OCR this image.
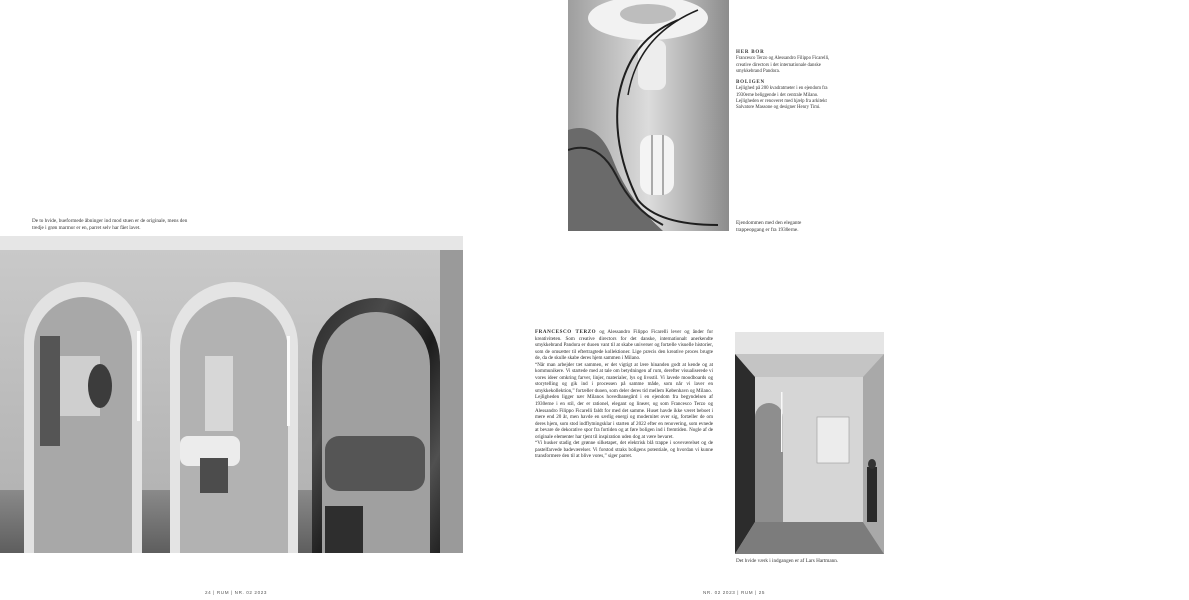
De to hvide, bueformede åbninger ind mod stuen er de originale, mens den tredje i grøn marmor er en, parret selv har fået lavet.
24 | RUM | NR. 02 2023

HER BOR
Francesco Terzo og Alessandro Filippo Ficarelli, creative directors i det internationale danske smykkebrand Pandora.

BOLIGEN
Lejlighed på 200 kvadratmeter i en ejendom fra 1930erne beliggende i det centrale Milano. Lejligheden er renoveret med hjælp fra arkitekt Salvatore Massone og designer Henry Timi.

Ejendommen med den elegante trappeopgang er fra 1930erne.

FRANCESCO TERZO og Alessandro Filippo Ficarelli lever og ånder for kreativiteten. Som creative directors for det danske, internationalt anerkendte smykkebrand Pandora er duoen vant til at skabe universer og fortælle visuelle historier, som de omsætter til eftertragtede kollektioner. Lige præcis den kreative proces brugte de, da de skulle skabe deres hjem sammen i Milano.

“Når man arbejder tæt sammen, er det vigtigt at lære hinanden godt at kende og at kommunikere. Vi startede med at tale om betydningen af rum, derefter visualiserede vi vores ideer omkring farver, linjer, materialer, lys og livsstil. Vi lavede moodboards og storytelling og gik ind i processen på samme måde, som når vi laver en smykkekollektion,” fortæller duoen, som deler deres tid mellem København og Milano.

Lejligheden ligger nær Milanos hovedbanegård i en ejendom fra begyndelsen af 1930erne i en stil, der er rationel, elegant og lineær, og som Francesco Terzo og Alessandro Filippo Ficarelli faldt for med det samme. Huset havde ikke været beboet i mere end 20 år, men havde en særlig energi og modernitet over sig, fortæller de om deres hjem, som stod indflytningsklar i starten af 2022 efter en renovering, som evnede at bevare de dekorative spor fra fortiden og at føre boligen ind i fremtiden. Nogle af de originale elementer har tjent til inspiration uden dog at være bevaret.

“Vi husker stadig det grønne silketapet, det elektrisk blå trappe i soveværelset og de pastelfarvede badeværelser. Vi forstod straks boligens potentiale, og hvordan vi kunne transformere den til at blive vores,” siger parret.

Det hvide værk i indgangen er af Lars Hartmann.
NR. 02 2023 | RUM | 25
